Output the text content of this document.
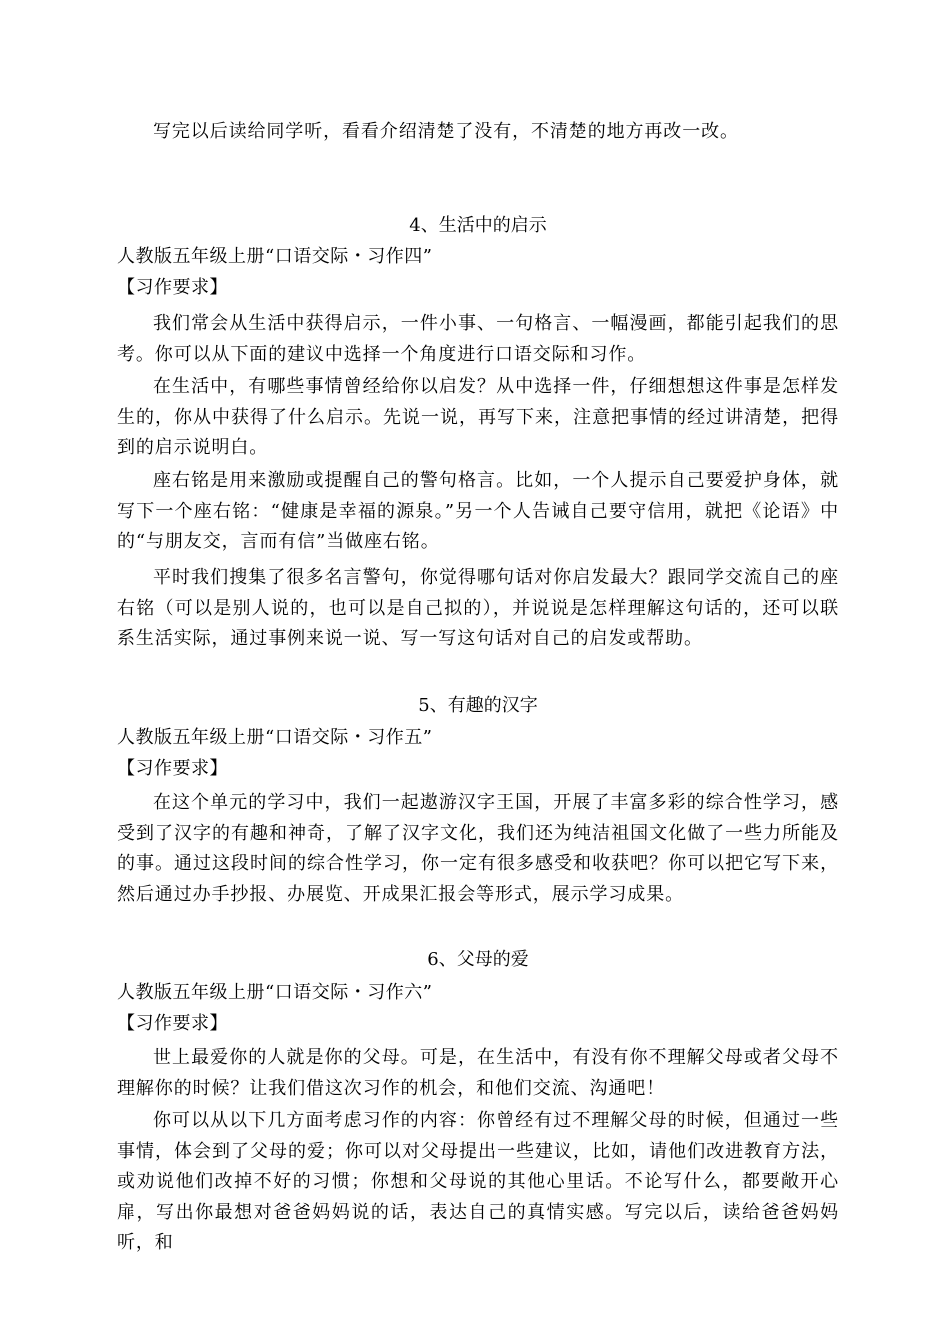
写完以后读给同学听，看看介绍清楚了没有，不清楚的地方再改一改。

4、生活中的启示

人教版五年级上册“口语交际・习作四”

【习作要求】

我们常会从生活中获得启示，一件小事、一句格言、一幅漫画，都能引起我们的思考。你可以从下面的建议中选择一个角度进行口语交际和习作。

在生活中，有哪些事情曾经给你以启发？从中选择一件，仔细想想这件事是怎样发生的，你从中获得了什么启示。先说一说，再写下来，注意把事情的经过讲清楚，把得到的启示说明白。

座右铭是用来激励或提醒自己的警句格言。比如，一个人提示自己要爱护身体，就写下一个座右铭：“健康是幸福的源泉。”另一个人告诫自己要守信用，就把《论语》中的“与朋友交，言而有信”当做座右铭。

平时我们搜集了很多名言警句，你觉得哪句话对你启发最大？跟同学交流自己的座右铭（可以是别人说的，也可以是自己拟的），并说说是怎样理解这句话的，还可以联系生活实际，通过事例来说一说、写一写这句话对自己的启发或帮助。

5、有趣的汉字

人教版五年级上册“口语交际・习作五”

【习作要求】

在这个单元的学习中，我们一起遨游汉字王国，开展了丰富多彩的综合性学习，感受到了汉字的有趣和神奇，了解了汉字文化，我们还为纯洁祖国文化做了一些力所能及的事。通过这段时间的综合性学习，你一定有很多感受和收获吧？你可以把它写下来，然后通过办手抄报、办展览、开成果汇报会等形式，展示学习成果。

6、父母的爱

人教版五年级上册“口语交际・习作六”

【习作要求】

世上最爱你的人就是你的父母。可是，在生活中，有没有你不理解父母或者父母不理解你的时候？让我们借这次习作的机会，和他们交流、沟通吧！

你可以从以下几方面考虑习作的内容：你曾经有过不理解父母的时候，但通过一些事情，体会到了父母的爱；你可以对父母提出一些建议，比如，请他们改进教育方法，或劝说他们改掉不好的习惯；你想和父母说的其他心里话。不论写什么，都要敞开心扉，写出你最想对爸爸妈妈说的话，表达自己的真情实感。写完以后，读给爸爸妈妈听，和
